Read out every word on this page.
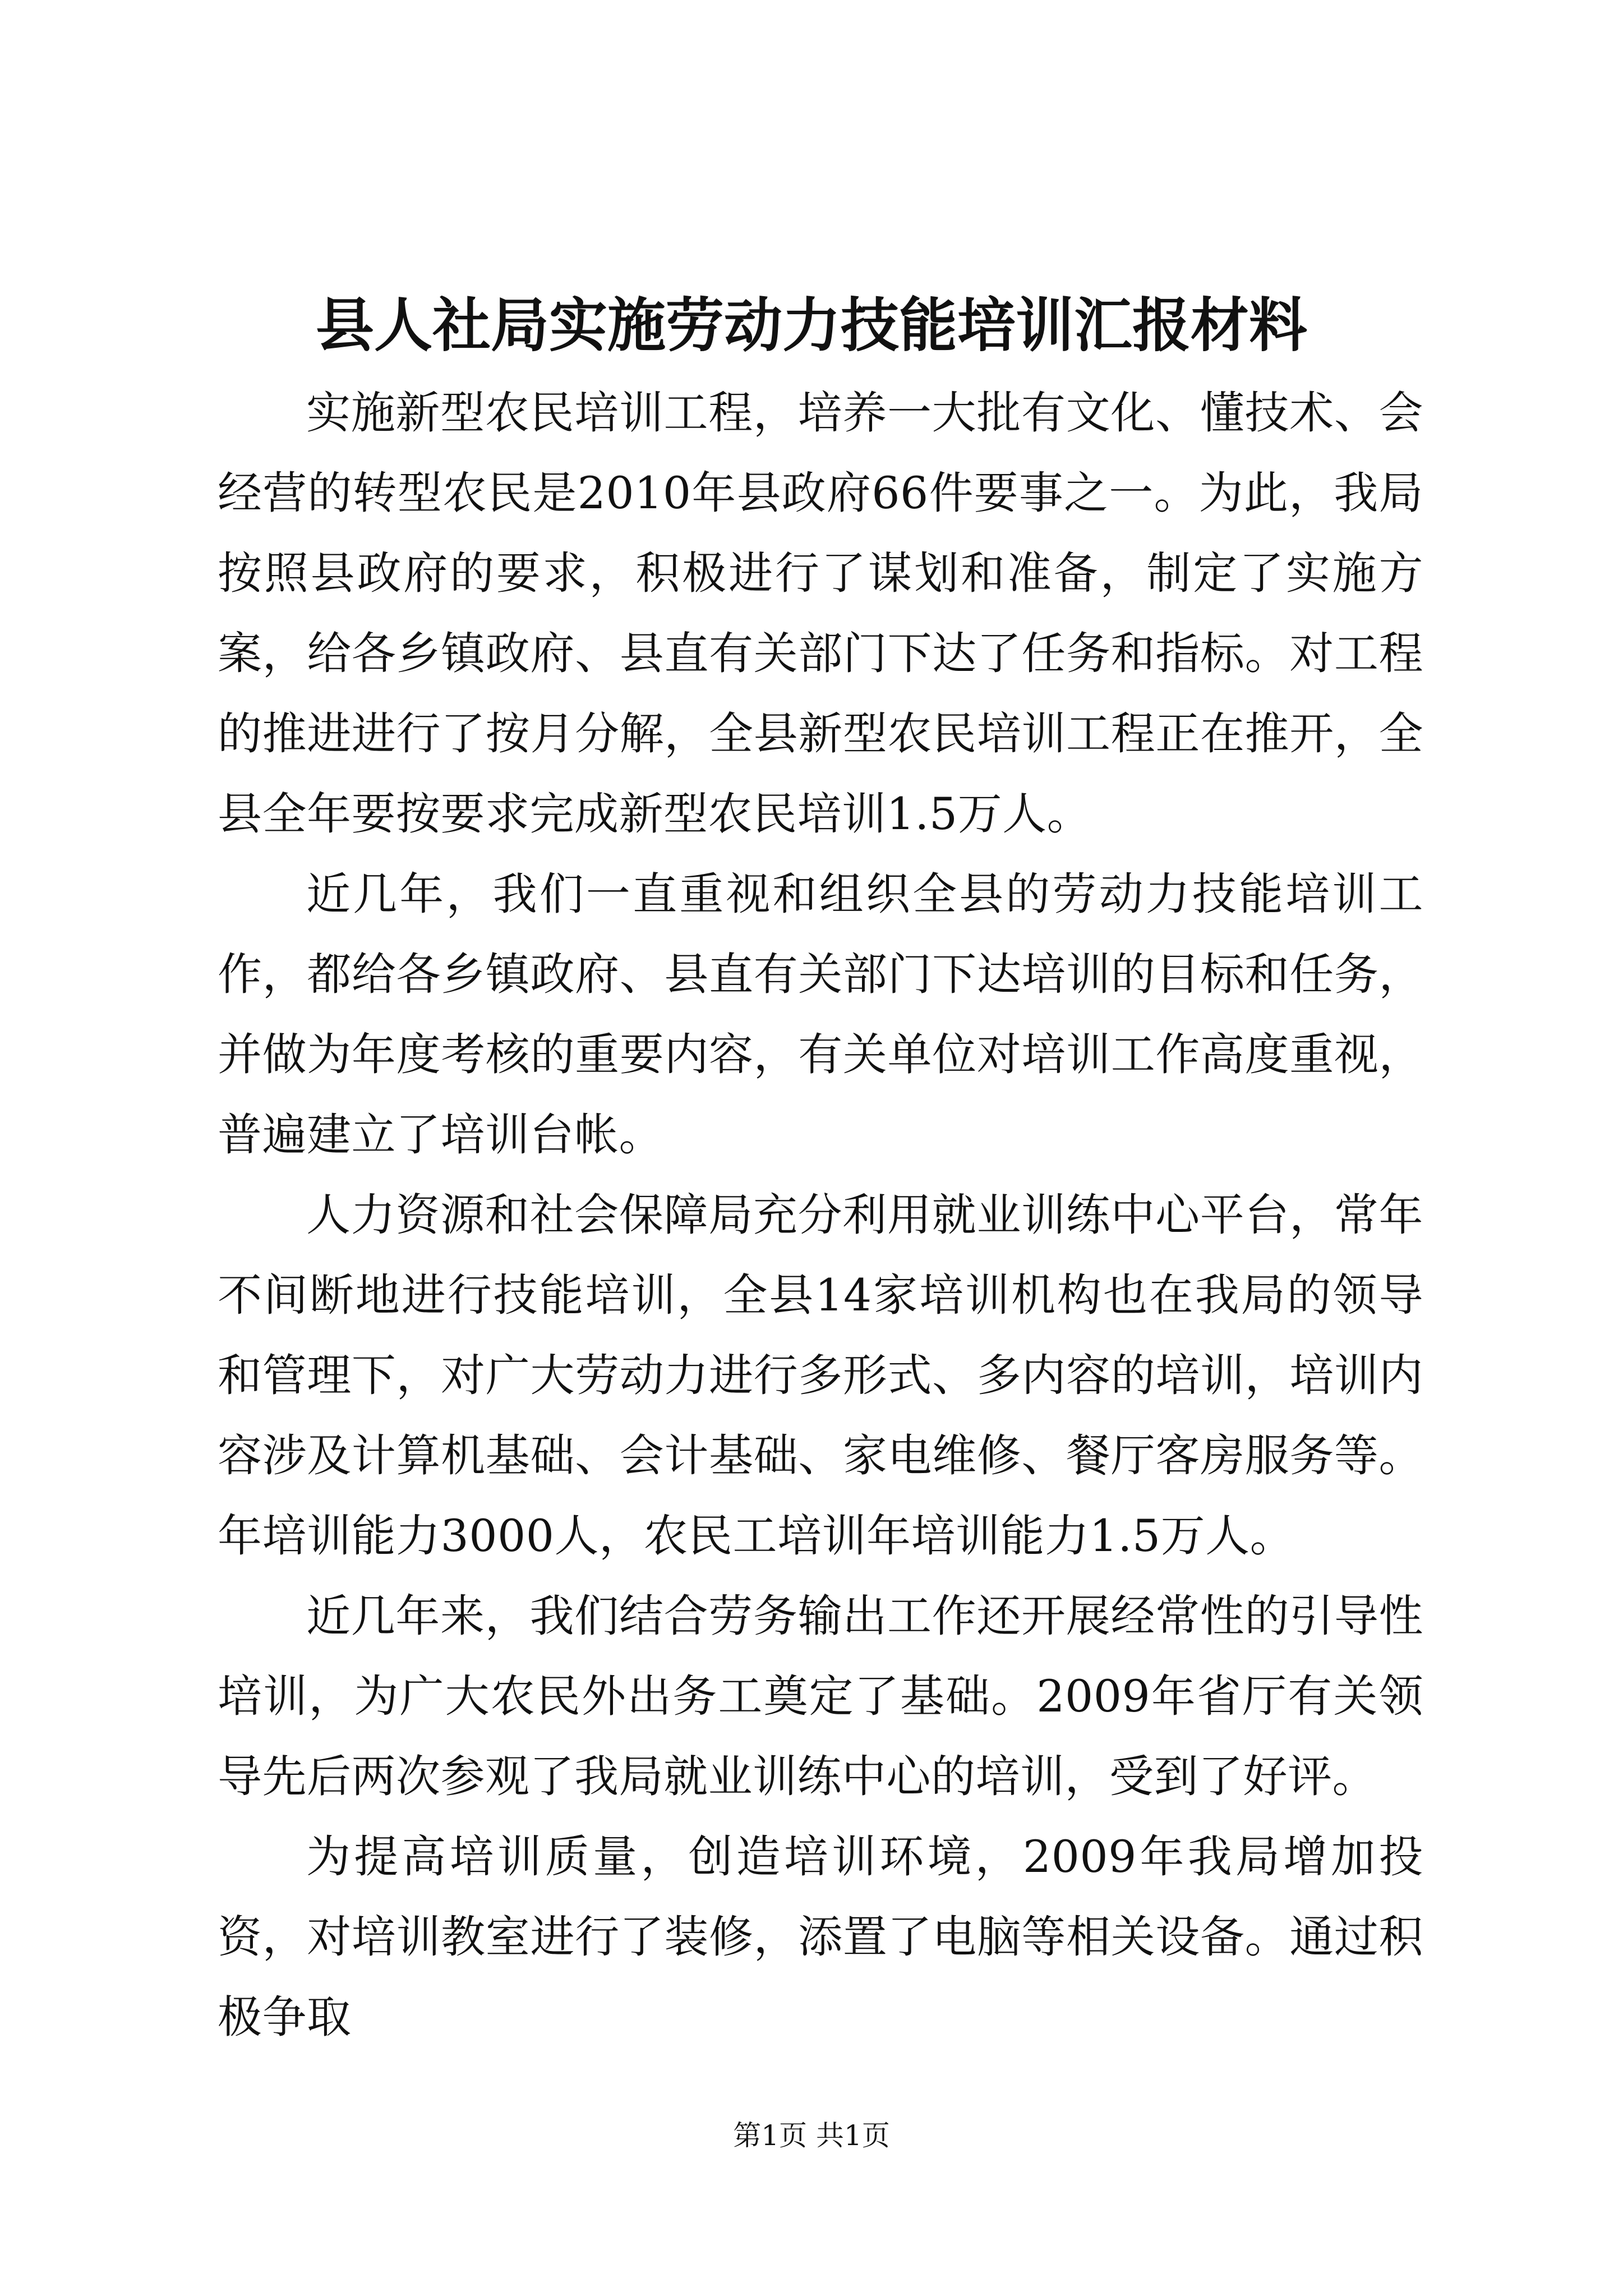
县人社局实施劳动力技能培训汇报材料

实施新型农民培训工程，培养一大批有文化、懂技术、会经营的转型农民是2010年县政府66件要事之一。为此，我局按照县政府的要求，积极进行了谋划和准备，制定了实施方案，给各乡镇政府、县直有关部门下达了任务和指标。对工程的推进进行了按月分解，全县新型农民培训工程正在推开，全县全年要按要求完成新型农民培训1.5万人。

近几年，我们一直重视和组织全县的劳动力技能培训工作，都给各乡镇政府、县直有关部门下达培训的目标和任务，并做为年度考核的重要内容，有关单位对培训工作高度重视，普遍建立了培训台帐。

人力资源和社会保障局充分利用就业训练中心平台，常年不间断地进行技能培训，全县14家培训机构也在我局的领导和管理下，对广大劳动力进行多形式、多内容的培训，培训内容涉及计算机基础、会计基础、家电维修、餐厅客房服务等。年培训能力3000人，农民工培训年培训能力1.5万人。

近几年来，我们结合劳务输出工作还开展经常性的引导性培训，为广大农民外出务工奠定了基础。2009年省厅有关领导先后两次参观了我局就业训练中心的培训，受到了好评。

为提高培训质量，创造培训环境，2009年我局增加投资，对培训教室进行了装修，添置了电脑等相关设备。通过积极争取

第1页 共1页
